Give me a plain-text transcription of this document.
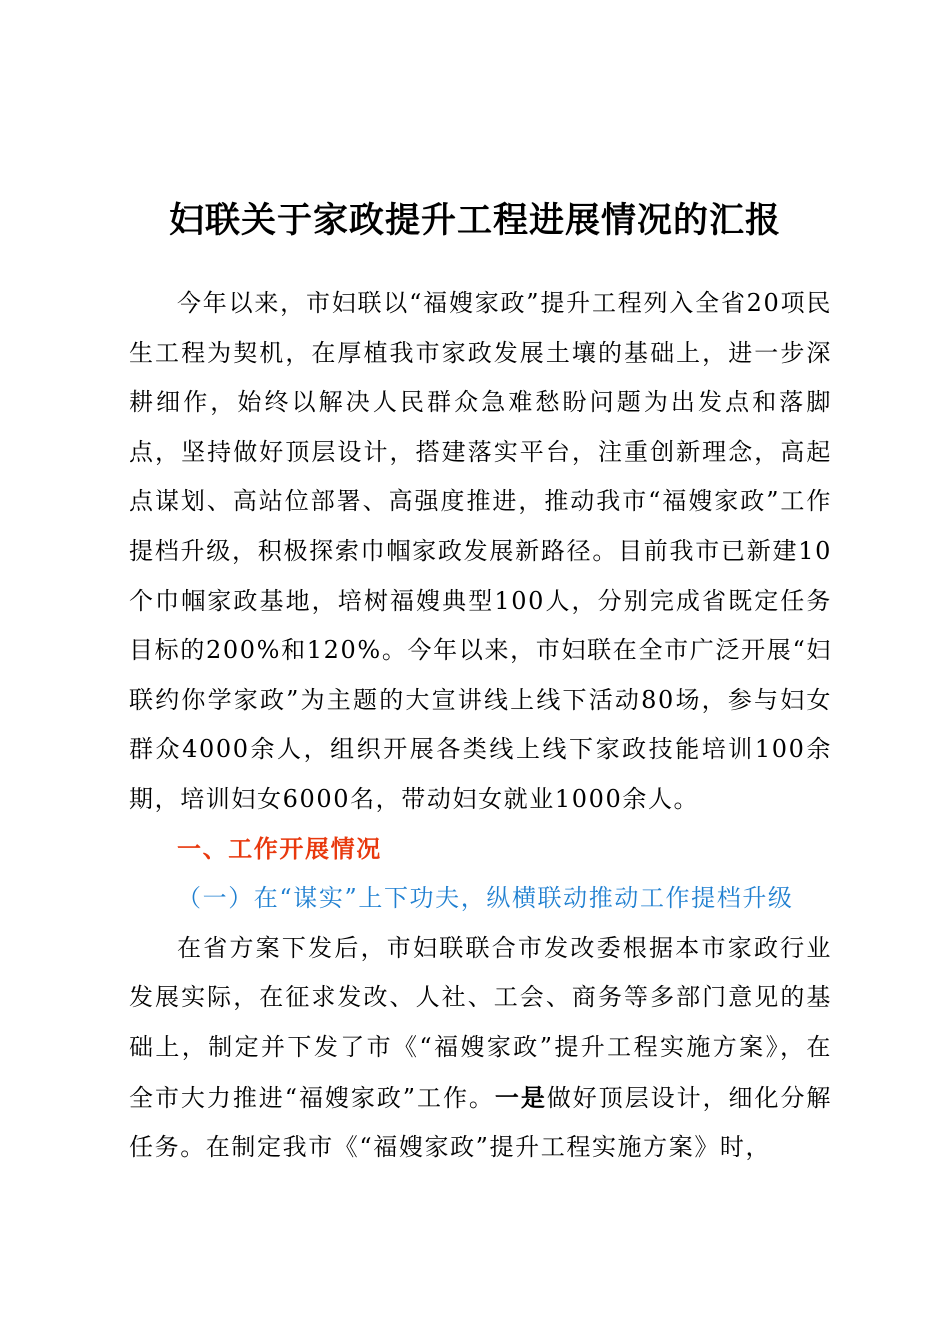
妇联关于家政提升工程进展情况的汇报

今年以来，市妇联以“福嫂家政”提升工程列入全省20项民生工程为契机，在厚植我市家政发展土壤的基础上，进一步深耕细作，始终以解决人民群众急难愁盼问题为出发点和落脚点，坚持做好顶层设计，搭建落实平台，注重创新理念，高起点谋划、高站位部署、高强度推进，推动我市“福嫂家政”工作提档升级，积极探索巾帼家政发展新路径。目前我市已新建10个巾帼家政基地，培树福嫂典型100人，分别完成省既定任务目标的200%和120%。今年以来，市妇联在全市广泛开展“妇联约你学家政”为主题的大宣讲线上线下活动80场，参与妇女群众4000余人，组织开展各类线上线下家政技能培训100余期，培训妇女6000名，带动妇女就业1000余人。

一、工作开展情况

（一）在“谋实”上下功夫，纵横联动推动工作提档升级

在省方案下发后，市妇联联合市发改委根据本市家政行业发展实际，在征求发改、人社、工会、商务等多部门意见的基础上，制定并下发了市《“福嫂家政”提升工程实施方案》，在全市大力推进“福嫂家政”工作。一是做好顶层设计，细化分解任务。在制定我市《“福嫂家政”提升工程实施方案》时，
